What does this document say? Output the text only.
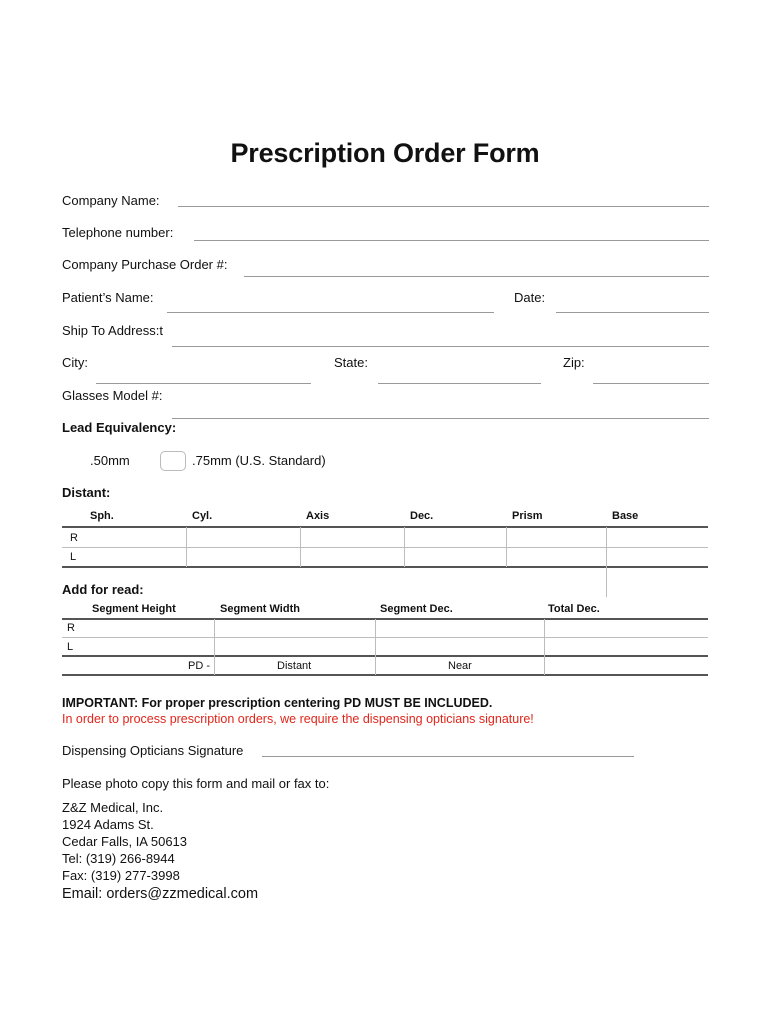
Prescription Order Form
Company Name:
Telephone number:
Company Purchase Order #:
Patient’s Name:	Date:
Ship To Address:t
City:	State:	Zip:
Glasses Model #:
Lead Equivalency:
.50mm	.75mm (U.S. Standard)
Distant:
Sph.	Cyl.	Axis	Dec.	Prism	Base
R
L
Add for read:
Segment Height	Segment Width	Segment Dec.	Total Dec.
R
L
PD -	Distant	Near
IMPORTANT: For proper prescription centering PD MUST BE INCLUDED.
In order to process prescription orders, we require the dispensing opticians signature!
Dispensing Opticians Signature
Please photo copy this form and mail or fax to:
Z&Z Medical, Inc.
1924 Adams St.
Cedar Falls, IA 50613
Tel: (319) 266-8944
Fax: (319) 277-3998
Email: orders@zzmedical.com
